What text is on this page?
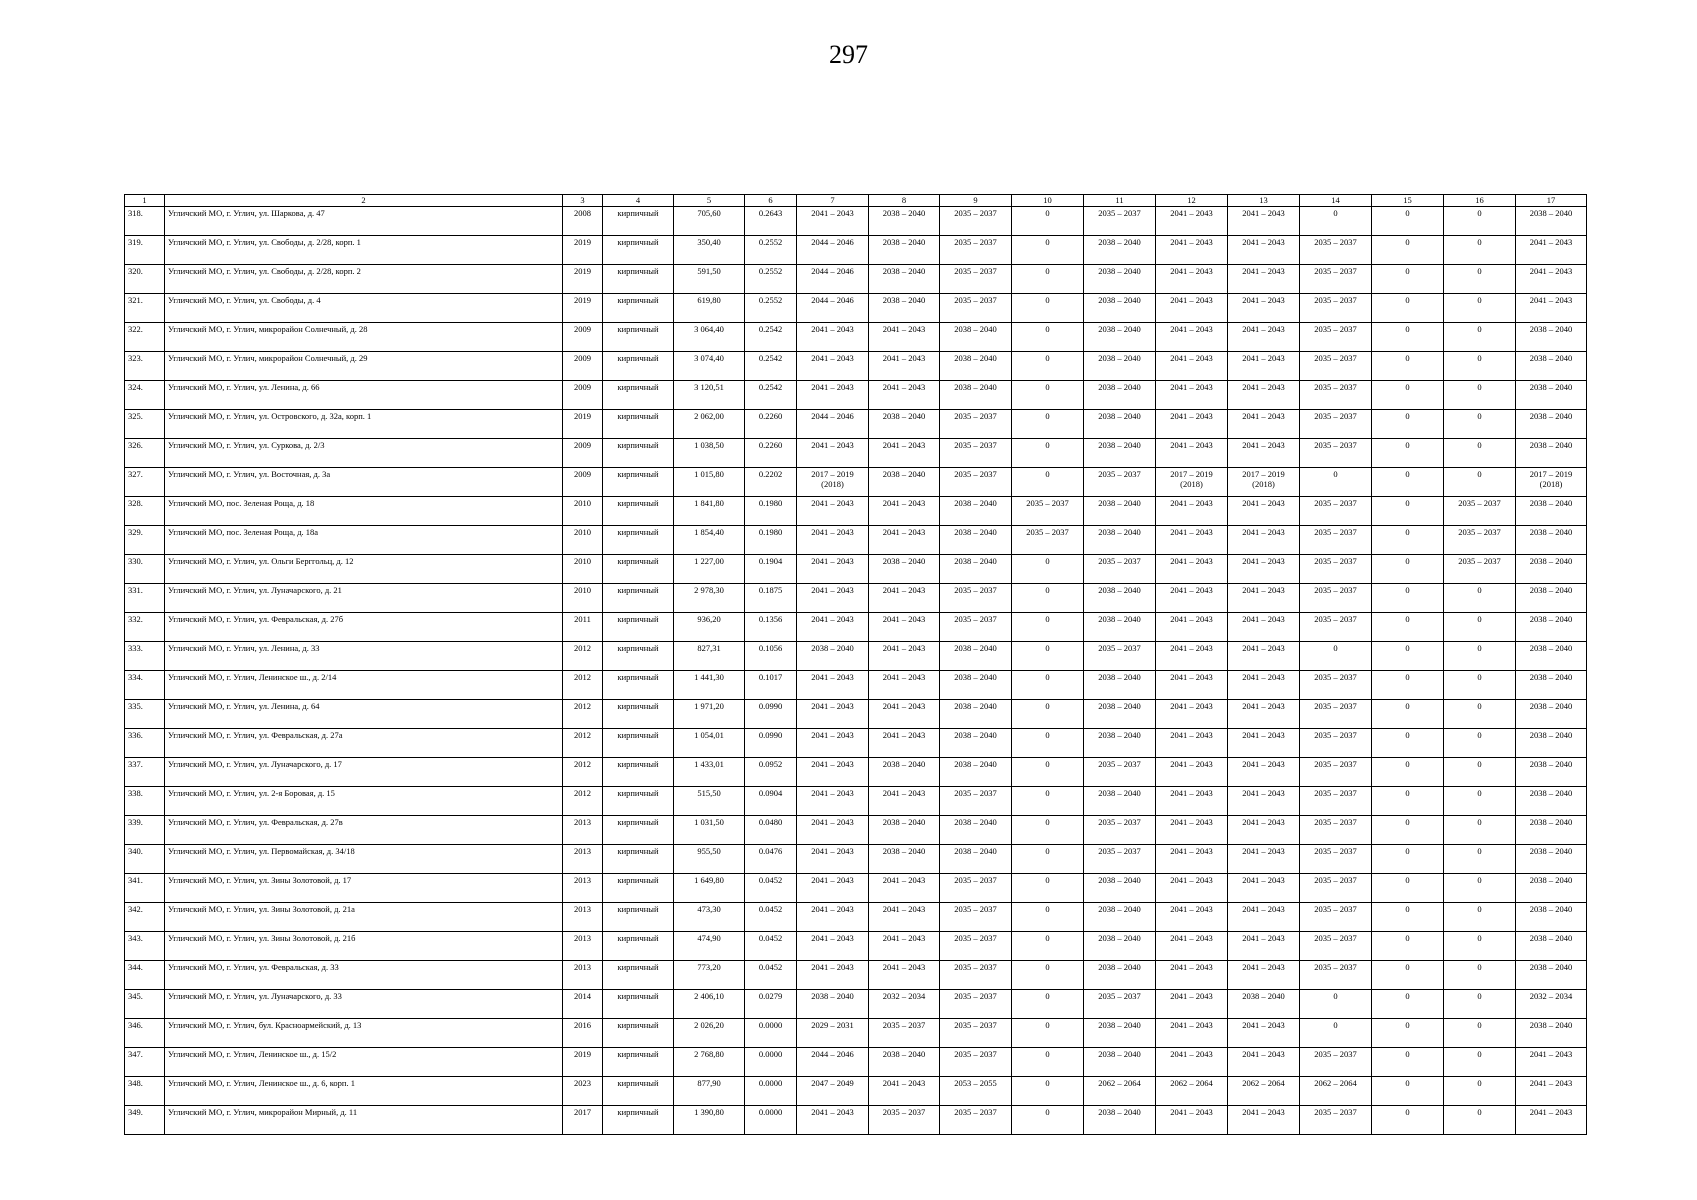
297
1	2	3	4	5	6	7	8	9	10	11	12	13	14	15	16	17
318.	Угличский МО, г. Углич, ул. Шаркова, д. 47	2008	кирпичный	705,60	0.2643	2041 – 2043	2038 – 2040	2035 – 2037	0	2035 – 2037	2041 – 2043	2041 – 2043	0	0	0	2038 – 2040
319.	Угличский МО, г. Углич, ул. Свободы, д. 2/28, корп. 1	2019	кирпичный	350,40	0.2552	2044 – 2046	2038 – 2040	2035 – 2037	0	2038 – 2040	2041 – 2043	2041 – 2043	2035 – 2037	0	0	2041 – 2043
320.	Угличский МО, г. Углич, ул. Свободы, д. 2/28, корп. 2	2019	кирпичный	591,50	0.2552	2044 – 2046	2038 – 2040	2035 – 2037	0	2038 – 2040	2041 – 2043	2041 – 2043	2035 – 2037	0	0	2041 – 2043
321.	Угличский МО, г. Углич, ул. Свободы, д. 4	2019	кирпичный	619,80	0.2552	2044 – 2046	2038 – 2040	2035 – 2037	0	2038 – 2040	2041 – 2043	2041 – 2043	2035 – 2037	0	0	2041 – 2043
322.	Угличский МО, г. Углич, микрорайон Солнечный, д. 28	2009	кирпичный	3 064,40	0.2542	2041 – 2043	2041 – 2043	2038 – 2040	0	2038 – 2040	2041 – 2043	2041 – 2043	2035 – 2037	0	0	2038 – 2040
323.	Угличский МО, г. Углич, микрорайон Солнечный, д. 29	2009	кирпичный	3 074,40	0.2542	2041 – 2043	2041 – 2043	2038 – 2040	0	2038 – 2040	2041 – 2043	2041 – 2043	2035 – 2037	0	0	2038 – 2040
324.	Угличский МО, г. Углич, ул. Ленина, д. 66	2009	кирпичный	3 120,51	0.2542	2041 – 2043	2041 – 2043	2038 – 2040	0	2038 – 2040	2041 – 2043	2041 – 2043	2035 – 2037	0	0	2038 – 2040
325.	Угличский МО, г. Углич, ул. Островского, д. 32а, корп. 1	2019	кирпичный	2 062,00	0.2260	2044 – 2046	2038 – 2040	2035 – 2037	0	2038 – 2040	2041 – 2043	2041 – 2043	2035 – 2037	0	0	2038 – 2040
326.	Угличский МО, г. Углич, ул. Суркова, д. 2/3	2009	кирпичный	1 038,50	0.2260	2041 – 2043	2041 – 2043	2035 – 2037	0	2038 – 2040	2041 – 2043	2041 – 2043	2035 – 2037	0	0	2038 – 2040
327.	Угличский МО, г. Углич, ул. Восточная, д. 3а	2009	кирпичный	1 015,80	0.2202	2017 – 2019 (2018)	2038 – 2040	2035 – 2037	0	2035 – 2037	2017 – 2019 (2018)	2017 – 2019 (2018)	0	0	0	2017 – 2019 (2018)
328.	Угличский МО, пос. Зеленая Роща, д. 18	2010	кирпичный	1 841,80	0.1980	2041 – 2043	2041 – 2043	2038 – 2040	2035 – 2037	2038 – 2040	2041 – 2043	2041 – 2043	2035 – 2037	0	2035 – 2037	2038 – 2040
329.	Угличский МО, пос. Зеленая Роща, д. 18а	2010	кирпичный	1 854,40	0.1980	2041 – 2043	2041 – 2043	2038 – 2040	2035 – 2037	2038 – 2040	2041 – 2043	2041 – 2043	2035 – 2037	0	2035 – 2037	2038 – 2040
330.	Угличский МО, г. Углич, ул. Ольги Берггольц, д. 12	2010	кирпичный	1 227,00	0.1904	2041 – 2043	2038 – 2040	2038 – 2040	0	2035 – 2037	2041 – 2043	2041 – 2043	2035 – 2037	0	2035 – 2037	2038 – 2040
331.	Угличский МО, г. Углич, ул. Луначарского, д. 21	2010	кирпичный	2 978,30	0.1875	2041 – 2043	2041 – 2043	2035 – 2037	0	2038 – 2040	2041 – 2043	2041 – 2043	2035 – 2037	0	0	2038 – 2040
332.	Угличский МО, г. Углич, ул. Февральская, д. 27б	2011	кирпичный	936,20	0.1356	2041 – 2043	2041 – 2043	2035 – 2037	0	2038 – 2040	2041 – 2043	2041 – 2043	2035 – 2037	0	0	2038 – 2040
333.	Угличский МО, г. Углич, ул. Ленина, д. 33	2012	кирпичный	827,31	0.1056	2038 – 2040	2041 – 2043	2038 – 2040	0	2035 – 2037	2041 – 2043	2041 – 2043	0	0	0	2038 – 2040
334.	Угличский МО, г. Углич, Ленинское ш., д. 2/14	2012	кирпичный	1 441,30	0.1017	2041 – 2043	2041 – 2043	2038 – 2040	0	2038 – 2040	2041 – 2043	2041 – 2043	2035 – 2037	0	0	2038 – 2040
335.	Угличский МО, г. Углич, ул. Ленина, д. 64	2012	кирпичный	1 971,20	0.0990	2041 – 2043	2041 – 2043	2038 – 2040	0	2038 – 2040	2041 – 2043	2041 – 2043	2035 – 2037	0	0	2038 – 2040
336.	Угличский МО, г. Углич, ул. Февральская, д. 27а	2012	кирпичный	1 054,01	0.0990	2041 – 2043	2041 – 2043	2038 – 2040	0	2038 – 2040	2041 – 2043	2041 – 2043	2035 – 2037	0	0	2038 – 2040
337.	Угличский МО, г. Углич, ул. Луначарского, д. 17	2012	кирпичный	1 433,01	0.0952	2041 – 2043	2038 – 2040	2038 – 2040	0	2035 – 2037	2041 – 2043	2041 – 2043	2035 – 2037	0	0	2038 – 2040
338.	Угличский МО, г. Углич, ул. 2-я Боровая, д. 15	2012	кирпичный	515,50	0.0904	2041 – 2043	2041 – 2043	2035 – 2037	0	2038 – 2040	2041 – 2043	2041 – 2043	2035 – 2037	0	0	2038 – 2040
339.	Угличский МО, г. Углич, ул. Февральская, д. 27в	2013	кирпичный	1 031,50	0.0480	2041 – 2043	2038 – 2040	2038 – 2040	0	2035 – 2037	2041 – 2043	2041 – 2043	2035 – 2037	0	0	2038 – 2040
340.	Угличский МО, г. Углич, ул. Первомайская, д. 34/18	2013	кирпичный	955,50	0.0476	2041 – 2043	2038 – 2040	2038 – 2040	0	2035 – 2037	2041 – 2043	2041 – 2043	2035 – 2037	0	0	2038 – 2040
341.	Угличский МО, г. Углич, ул. Зины Золотовой, д. 17	2013	кирпичный	1 649,80	0.0452	2041 – 2043	2041 – 2043	2035 – 2037	0	2038 – 2040	2041 – 2043	2041 – 2043	2035 – 2037	0	0	2038 – 2040
342.	Угличский МО, г. Углич, ул. Зины Золотовой, д. 21а	2013	кирпичный	473,30	0.0452	2041 – 2043	2041 – 2043	2035 – 2037	0	2038 – 2040	2041 – 2043	2041 – 2043	2035 – 2037	0	0	2038 – 2040
343.	Угличский МО, г. Углич, ул. Зины Золотовой, д. 21б	2013	кирпичный	474,90	0.0452	2041 – 2043	2041 – 2043	2035 – 2037	0	2038 – 2040	2041 – 2043	2041 – 2043	2035 – 2037	0	0	2038 – 2040
344.	Угличский МО, г. Углич, ул. Февральская, д. 33	2013	кирпичный	773,20	0.0452	2041 – 2043	2041 – 2043	2035 – 2037	0	2038 – 2040	2041 – 2043	2041 – 2043	2035 – 2037	0	0	2038 – 2040
345.	Угличский МО, г. Углич, ул. Луначарского, д. 33	2014	кирпичный	2 406,10	0.0279	2038 – 2040	2032 – 2034	2035 – 2037	0	2035 – 2037	2041 – 2043	2038 – 2040	0	0	0	2032 – 2034
346.	Угличский МО, г. Углич, бул. Красноармейский, д. 13	2016	кирпичный	2 026,20	0.0000	2029 – 2031	2035 – 2037	2035 – 2037	0	2038 – 2040	2041 – 2043	2041 – 2043	0	0	0	2038 – 2040
347.	Угличский МО, г. Углич, Ленинское ш., д. 15/2	2019	кирпичный	2 768,80	0.0000	2044 – 2046	2038 – 2040	2035 – 2037	0	2038 – 2040	2041 – 2043	2041 – 2043	2035 – 2037	0	0	2041 – 2043
348.	Угличский МО, г. Углич, Ленинское ш., д. 6, корп. 1	2023	кирпичный	877,90	0.0000	2047 – 2049	2041 – 2043	2053 – 2055	0	2062 – 2064	2062 – 2064	2062 – 2064	2062 – 2064	0	0	2041 – 2043
349.	Угличский МО, г. Углич, микрорайон Мирный, д. 11	2017	кирпичный	1 390,80	0.0000	2041 – 2043	2035 – 2037	2035 – 2037	0	2038 – 2040	2041 – 2043	2041 – 2043	2035 – 2037	0	0	2041 – 2043
